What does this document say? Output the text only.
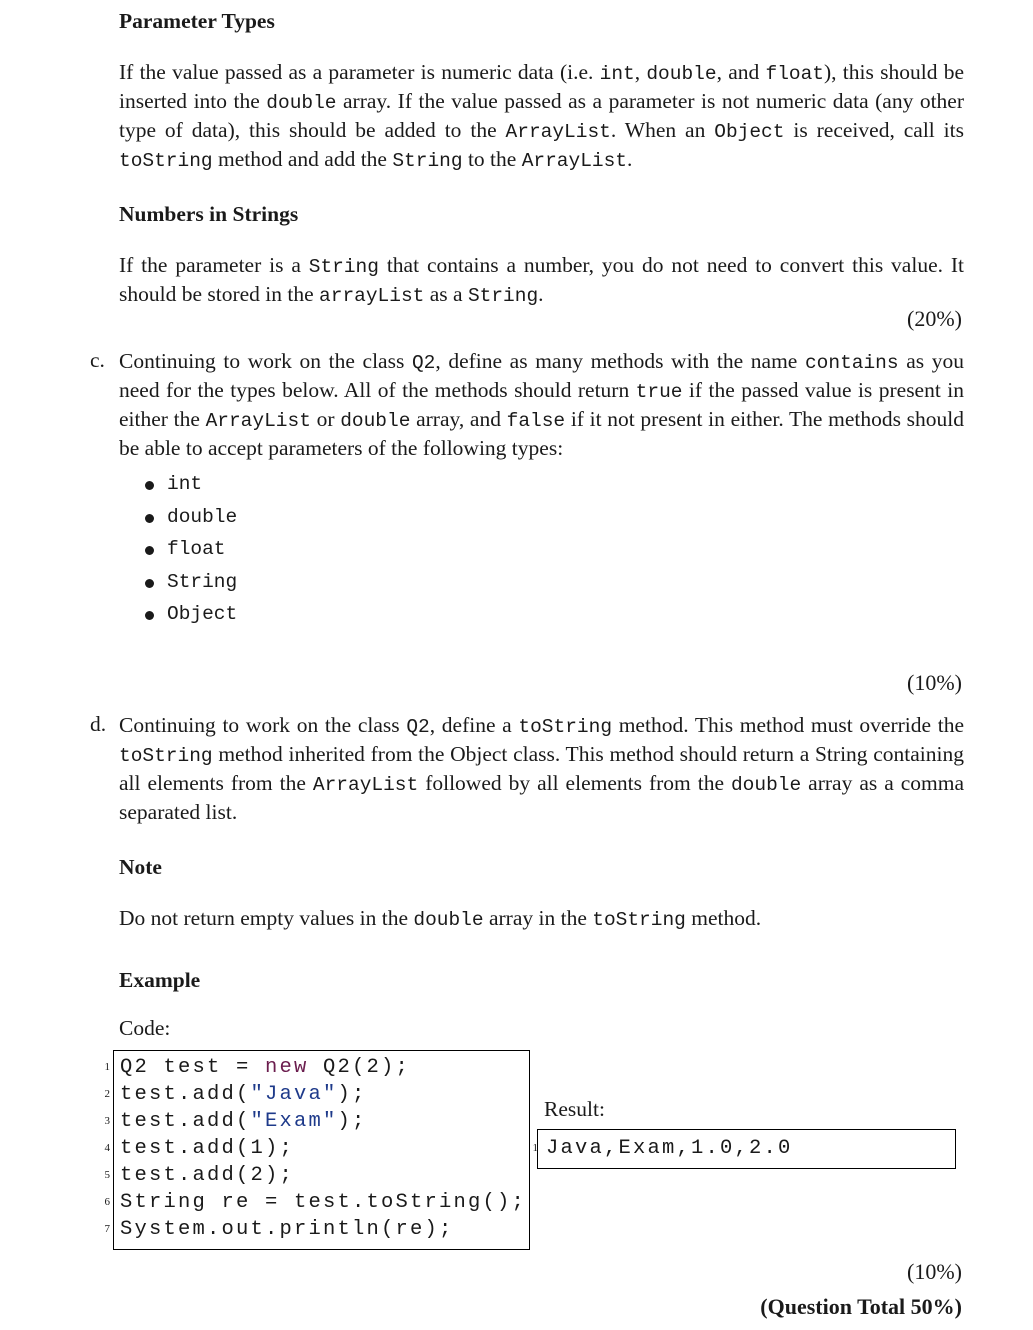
Parameter Types
If the value passed as a parameter is numeric data (i.e. int, double, and float), this should be inserted into the double array. If the value passed as a parameter is not numeric data (any other type of data), this should be added to the ArrayList. When an Object is received, call its toString method and add the String to the ArrayList.
Numbers in Strings
If the parameter is a String that contains a number, you do not need to convert this value. It should be stored in the arrayList as a String.
(20%)
c. Continuing to work on the class Q2, define as many methods with the name contains as you need for the types below. All of the methods should return true if the passed value is present in either the ArrayList or double array, and false if it not present in either. The methods should be able to accept parameters of the following types:
int
double
float
String
Object
(10%)
d. Continuing to work on the class Q2, define a toString method. This method must override the toString method inherited from the Object class. This method should return a String containing all elements from the ArrayList followed by all elements from the double array as a comma separated list.
Note
Do not return empty values in the double array in the toString method.
Example
Code:
1 Q2 test = new Q2(2);
2 test.add("Java");
3 test.add("Exam");
4 test.add(1);
5 test.add(2);
6 String re = test.toString();
7 System.out.println(re);
Result:
1 Java,Exam,1.0,2.0
(10%)
(Question Total 50%)
